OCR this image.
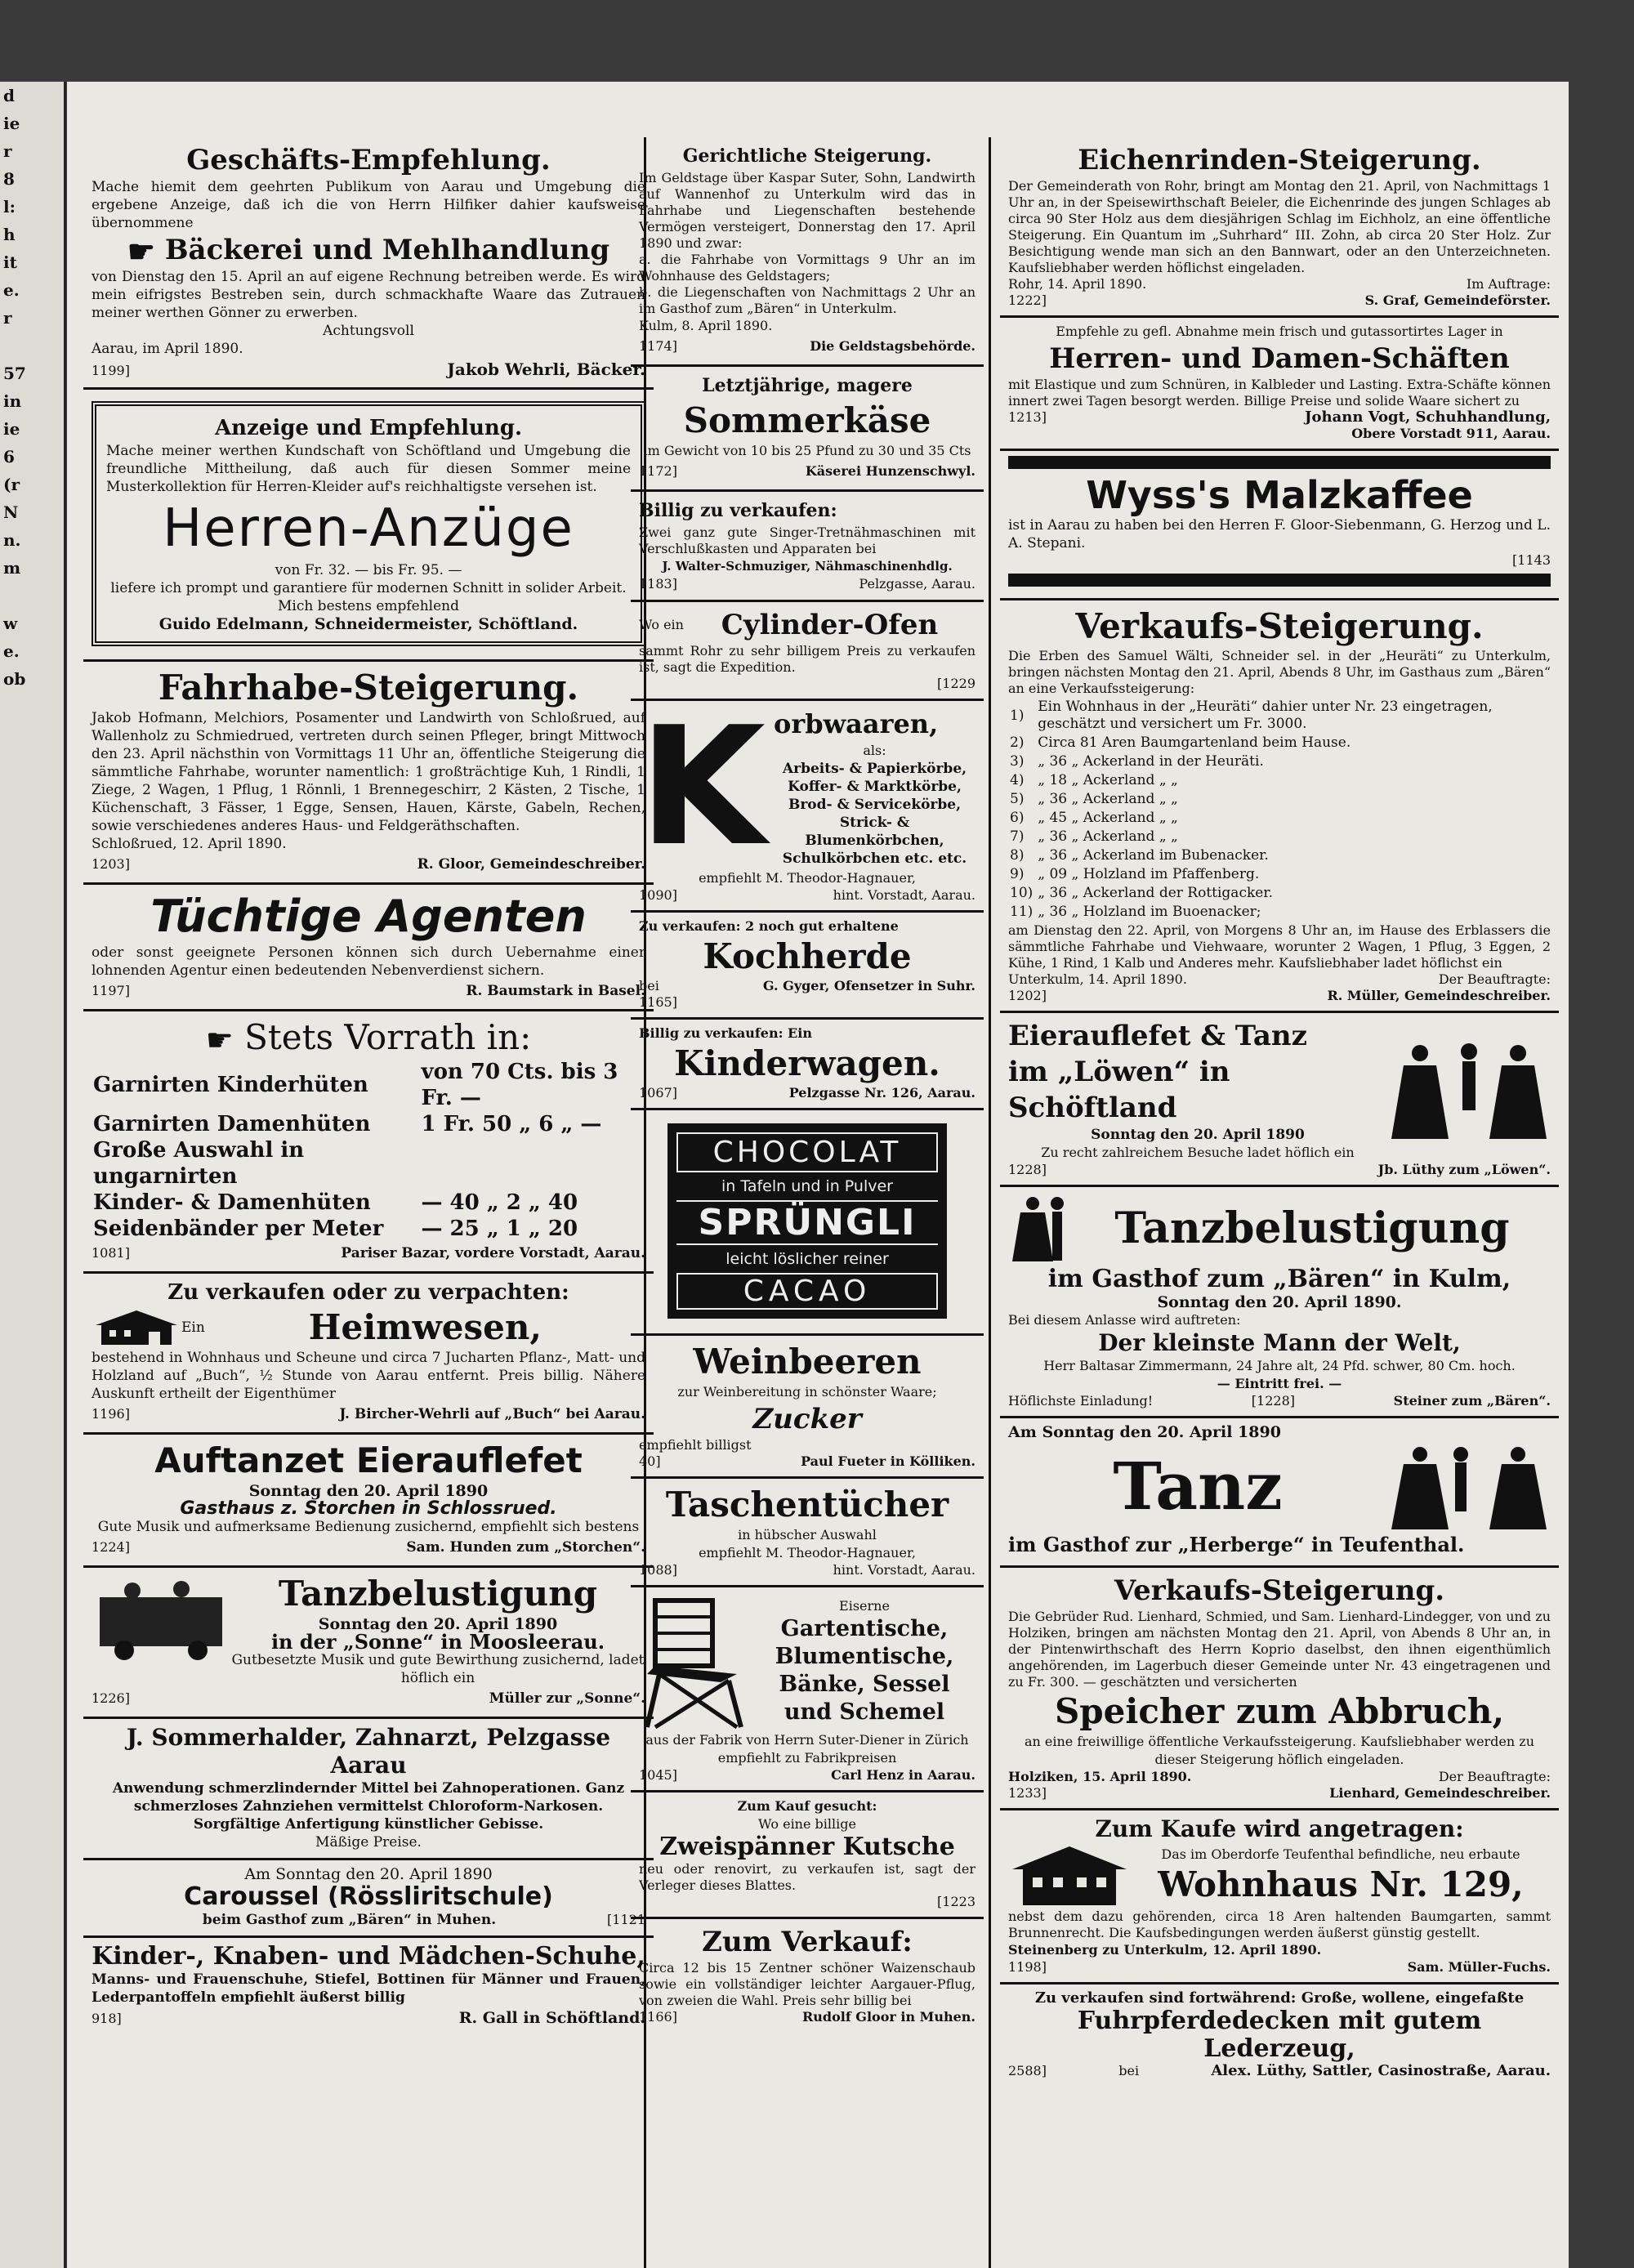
d
ie
r
8
l:
h
it
e.
r

57
in
ie
6
(r
N
n.
m

w
e.
ob
Geschäfts-Empfehlung.
Mache hiemit dem geehrten Publikum von Aarau und Umgebung die ergebene Anzeige, daß ich die von Herrn Hilfiker dahier kaufsweise übernommene
☛ Bäckerei und Mehlhandlung
von Dienstag den 15. April an auf eigene Rechnung betreiben werde. Es wird mein eifrigstes Bestreben sein, durch schmackhafte Waare das Zutrauen meiner werthen Gönner zu erwerben.
Achtungsvoll
Aarau, im April 1890.
1199]	Jakob Wehrli, Bäcker.
Anzeige und Empfehlung.
Mache meiner werthen Kundschaft von Schöftland und Umgebung die freundliche Mittheilung, daß auch für diesen Sommer meine Musterkollektion für Herren-Kleider auf's reichhaltigste versehen ist.
Herren-Anzüge
von Fr. 32. — bis Fr. 95. —
liefere ich prompt und garantiere für modernen Schnitt in solider Arbeit. Mich bestens empfehlend
Guido Edelmann, Schneidermeister, Schöftland.
Fahrhabe-Steigerung.
Jakob Hofmann, Melchiors, Posamenter und Landwirth von Schloßrued, auf Wallenholz zu Schmiedrued, vertreten durch seinen Pfleger, bringt Mittwoch den 23. April nächsthin von Vormittags 11 Uhr an, öffentliche Steigerung die sämmtliche Fahrhabe, worunter namentlich: 1 großträchtige Kuh, 1 Rindli, 1 Ziege, 2 Wagen, 1 Pflug, 1 Rönnli, 1 Brennegeschirr, 2 Kästen, 2 Tische, 1 Küchenschaft, 3 Fässer, 1 Egge, Sensen, Hauen, Kärste, Gabeln, Rechen, sowie verschiedenes anderes Haus- und Feldgeräthschaften.
Schloßrued, 12. April 1890.
1203]	R. Gloor, Gemeindeschreiber.
Tüchtige Agenten
oder sonst geeignete Personen können sich durch Uebernahme einer lohnenden Agentur einen bedeutenden Nebenverdienst sichern.
1197]	R. Baumstark in Basel.
☛ Stets Vorrath in:
Garnirten Kinderhüten	von 70 Cts. bis 3 Fr. —
Garnirten Damenhüten	1 Fr. 50 „ 6 „ —
Große Auswahl in ungarnirten	
Kinder- & Damenhüten	— 40 „ 2 „ 40
Seidenbänder per Meter	— 25 „ 1 „ 20
1081]	Pariser Bazar, vordere Vorstadt, Aarau.
Zu verkaufen oder zu verpachten:
Ein	Heimwesen,
bestehend in Wohnhaus und Scheune und circa 7 Jucharten Pflanz-, Matt- und Holzland auf „Buch“, ½ Stunde von Aarau entfernt. Preis billig. Nähere Auskunft ertheilt der Eigenthümer
1196]	J. Bircher-Wehrli auf „Buch“ bei Aarau.
Auftanzet Eierauflefet
Sonntag den 20. April 1890
Gasthaus z. Storchen in Schlossrued.
Gute Musik und aufmerksame Bedienung zusichernd, empfiehlt sich bestens
1224]	Sam. Hunden zum „Storchen“.
Tanzbelustigung
Sonntag den 20. April 1890
in der „Sonne“ in Moosleerau.
Gutbesetzte Musik und gute Bewirthung zusichernd, ladet höflich ein
1226]	Müller zur „Sonne“.
J. Sommerhalder, Zahnarzt, Pelzgasse Aarau
Anwendung schmerzlindernder Mittel bei Zahnoperationen. Ganz schmerzloses Zahnziehen vermittelst Chloroform-Narkosen. Sorgfältige Anfertigung künstlicher Gebisse.
Mäßige Preise.
Am Sonntag den 20. April 1890
Caroussel (Rössliritschule)
beim Gasthof zum „Bären“ in Muhen.	[1121
Kinder-, Knaben- und Mädchen-Schuhe,
Manns- und Frauenschuhe, Stiefel, Bottinen für Männer und Frauen, Lederpantoffeln empfiehlt äußerst billig
918]	R. Gall in Schöftland.
Gerichtliche Steigerung.
Im Geldstage über Kaspar Suter, Sohn, Landwirth auf Wannenhof zu Unterkulm wird das in Fahrhabe und Liegenschaften bestehende Vermögen versteigert, Donnerstag den 17. April 1890 und zwar:
a. die Fahrhabe von Vormittags 9 Uhr an im Wohnhause des Geldstagers;
b. die Liegenschaften von Nachmittags 2 Uhr an im Gasthof zum „Bären“ in Unterkulm.
Kulm, 8. April 1890.
1174]	Die Geldstagsbehörde.
Letztjährige, magere
Sommerkäse
im Gewicht von 10 bis 25 Pfund zu 30 und 35 Cts
1172]	Käserei Hunzenschwyl.
Billig zu verkaufen:
Zwei ganz gute Singer-Tretnähmaschinen mit Verschlußkasten und Apparaten bei
J. Walter-Schmuziger, Nähmaschinenhdlg.
1183]	Pelzgasse, Aarau.
Wo ein	Cylinder-Ofen
sammt Rohr zu sehr billigem Preis zu verkaufen ist, sagt die Expedition.
[1229
K orbwaaren,
als:
Arbeits- & Papierkörbe,
Koffer- & Marktkörbe,
Brod- & Servicekörbe,
Strick- & Blumenkörbchen,
Schulkörbchen etc. etc.
empfiehlt M. Theodor-Hagnauer,
1090]	hint. Vorstadt, Aarau.
Zu verkaufen: 2 noch gut erhaltene
Kochherde
bei	G. Gyger, Ofensetzer in Suhr.
1165]
Billig zu verkaufen: Ein
Kinderwagen.
1067]	Pelzgasse Nr. 126, Aarau.
CHOCOLAT
in Tafeln und in Pulver
SPRÜNGLI
leicht löslicher reiner
CACAO
Weinbeeren
zur Weinbereitung in schönster Waare;
Zucker
empfiehlt billigst
40]	Paul Fueter in Kölliken.
Taschentücher
in hübscher Auswahl
empfiehlt M. Theodor-Hagnauer,
1088]	hint. Vorstadt, Aarau.
Eiserne
Gartentische,
Blumentische,
Bänke, Sessel
und Schemel
aus der Fabrik von Herrn Suter-Diener in Zürich empfiehlt zu Fabrikpreisen
1045]	Carl Henz in Aarau.
Zum Kauf gesucht:
Wo eine billige
Zweispänner Kutsche
neu oder renovirt, zu verkaufen ist, sagt der Verleger dieses Blattes.
[1223
Zum Verkauf:
Circa 12 bis 15 Zentner schöner Waizenschaub sowie ein vollständiger leichter Aargauer-Pflug, von zweien die Wahl. Preis sehr billig bei
1166]	Rudolf Gloor in Muhen.
Eichenrinden-Steigerung.
Der Gemeinderath von Rohr, bringt am Montag den 21. April, von Nachmittags 1 Uhr an, in der Speisewirthschaft Beieler, die Eichenrinde des jungen Schlages ab circa 90 Ster Holz aus dem diesjährigen Schlag im Eichholz, an eine öffentliche Steigerung. Ein Quantum im „Suhrhard“ III. Zohn, ab circa 20 Ster Holz. Zur Besichtigung wende man sich an den Bannwart, oder an den Unterzeichneten. Kaufsliebhaber werden höflichst eingeladen.
Rohr, 14. April 1890.	Im Auftrage:
1222]	S. Graf, Gemeindeförster.
Empfehle zu gefl. Abnahme mein frisch und gutassortirtes Lager in
Herren- und Damen-Schäften
mit Elastique und zum Schnüren, in Kalbleder und Lasting. Extra-Schäfte können innert zwei Tagen besorgt werden. Billige Preise und solide Waare sichert zu
1213]	Johann Vogt, Schuhhandlung,
Obere Vorstadt 911, Aarau.
Wyss's Malzkaffee
ist in Aarau zu haben bei den Herren F. Gloor-Siebenmann, G. Herzog und L. A. Stepani.
[1143
Verkaufs-Steigerung.
Die Erben des Samuel Wälti, Schneider sel. in der „Heuräti“ zu Unterkulm, bringen nächsten Montag den 21. April, Abends 8 Uhr, im Gasthaus zum „Bären“ an eine Verkaufssteigerung:
1)	Ein Wohnhaus in der „Heuräti“ dahier unter Nr. 23 eingetragen, geschätzt und versichert um Fr. 3000.
2)	Circa 81 Aren Baumgartenland beim Hause.
3)	„ 36 „ Ackerland in der Heuräti.
4)	„ 18 „ Ackerland „ „
5)	„ 36 „ Ackerland „ „
6)	„ 45 „ Ackerland „ „
7)	„ 36 „ Ackerland „ „
8)	„ 36 „ Ackerland im Bubenacker.
9)	„ 09 „ Holzland im Pfaffenberg.
10)	„ 36 „ Ackerland der Rottigacker.
11)	„ 36 „ Holzland im Buoenacker;
am Dienstag den 22. April, von Morgens 8 Uhr an, im Hause des Erblassers die sämmtliche Fahrhabe und Viehwaare, worunter 2 Wagen, 1 Pflug, 3 Eggen, 2 Kühe, 1 Rind, 1 Kalb und Anderes mehr. Kaufsliebhaber ladet höflichst ein
Unterkulm, 14. April 1890.	Der Beauftragte:
1202]	R. Müller, Gemeindeschreiber.
Eierauflefet & Tanz
im „Löwen“ in Schöftland
Sonntag den 20. April 1890
Zu recht zahlreichem Besuche ladet höflich ein
1228]	Jb. Lüthy zum „Löwen“.
Tanzbelustigung
im Gasthof zum „Bären“ in Kulm,
Sonntag den 20. April 1890.
Bei diesem Anlasse wird auftreten:
Der kleinste Mann der Welt,
Herr Baltasar Zimmermann, 24 Jahre alt, 24 Pfd. schwer, 80 Cm. hoch.
— Eintritt frei. —
Höflichste Einladung!	[1228]	Steiner zum „Bären“.
Am Sonntag den 20. April 1890
Tanz
im Gasthof zur „Herberge“ in Teufenthal.
Verkaufs-Steigerung.
Die Gebrüder Rud. Lienhard, Schmied, und Sam. Lienhard-Lindegger, von und zu Holziken, bringen am nächsten Montag den 21. April, von Abends 8 Uhr an, in der Pintenwirthschaft des Herrn Koprio daselbst, den ihnen eigenthümlich angehörenden, im Lagerbuch dieser Gemeinde unter Nr. 43 eingetragenen und zu Fr. 300. — geschätzten und versicherten
Speicher zum Abbruch,
an eine freiwillige öffentliche Verkaufssteigerung. Kaufsliebhaber werden zu dieser Steigerung höflich eingeladen.
Holziken, 15. April 1890.	Der Beauftragte:
1233]	Lienhard, Gemeindeschreiber.
Zum Kaufe wird angetragen:
Das im Oberdorfe Teufenthal befindliche, neu erbaute
Wohnhaus Nr. 129,
nebst dem dazu gehörenden, circa 18 Aren haltenden Baumgarten, sammt Brunnenrecht. Die Kaufsbedingungen werden äußerst günstig gestellt.
Steinenberg zu Unterkulm, 12. April 1890.
1198]	Sam. Müller-Fuchs.
Zu verkaufen sind fortwährend: Große, wollene, eingefaßte
Fuhrpferdedecken mit gutem Lederzeug,
2588]	bei	Alex. Lüthy, Sattler, Casinostraße, Aarau.
